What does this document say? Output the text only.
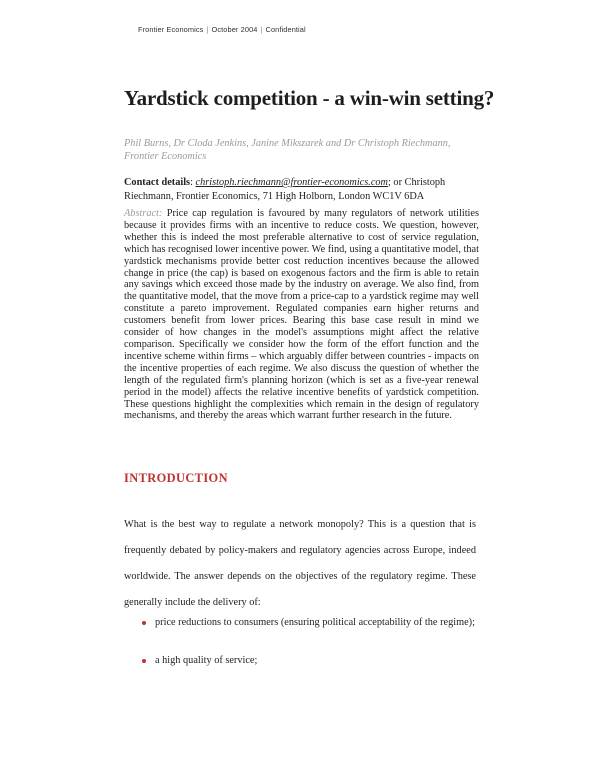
Frontier Economics | October 2004 | Confidential
Yardstick competition - a win-win setting?
Phil Burns, Dr Cloda Jenkins, Janine Mikszarek and Dr Christoph Riechmann, Frontier Economics
Contact details: christoph.riechmann@frontier-economics.com; or Christoph Riechmann, Frontier Economics, 71 High Holborn, London WC1V 6DA
Abstract: Price cap regulation is favoured by many regulators of network utilities because it provides firms with an incentive to reduce costs. We question, however, whether this is indeed the most preferable alternative to cost of service regulation, which has recognised lower incentive power. We find, using a quantitative model, that yardstick mechanisms provide better cost reduction incentives because the allowed change in price (the cap) is based on exogenous factors and the firm is able to retain any savings which exceed those made by the industry on average. We also find, from the quantitative model, that the move from a price-cap to a yardstick regime may well constitute a pareto improvement. Regulated companies earn higher returns and customers benefit from lower prices. Bearing this base case result in mind we consider of how changes in the model's assumptions might affect the relative comparison. Specifically we consider how the form of the effort function and the incentive scheme within firms – which arguably differ between countries - impacts on the incentive properties of each regime. We also discuss the question of whether the length of the regulated firm's planning horizon (which is set as a five-year renewal period in the model) affects the relative incentive benefits of yardstick competition. These questions highlight the complexities which remain in the design of regulatory mechanisms, and thereby the areas which warrant further research in the future.
INTRODUCTION

What is the best way to regulate a network monopoly? This is a question that is frequently debated by policy-makers and regulatory agencies across Europe, indeed worldwide. The answer depends on the objectives of the regulatory regime. These generally include the delivery of:

price reductions to consumers (ensuring political acceptability of the regime);
a high quality of service;
